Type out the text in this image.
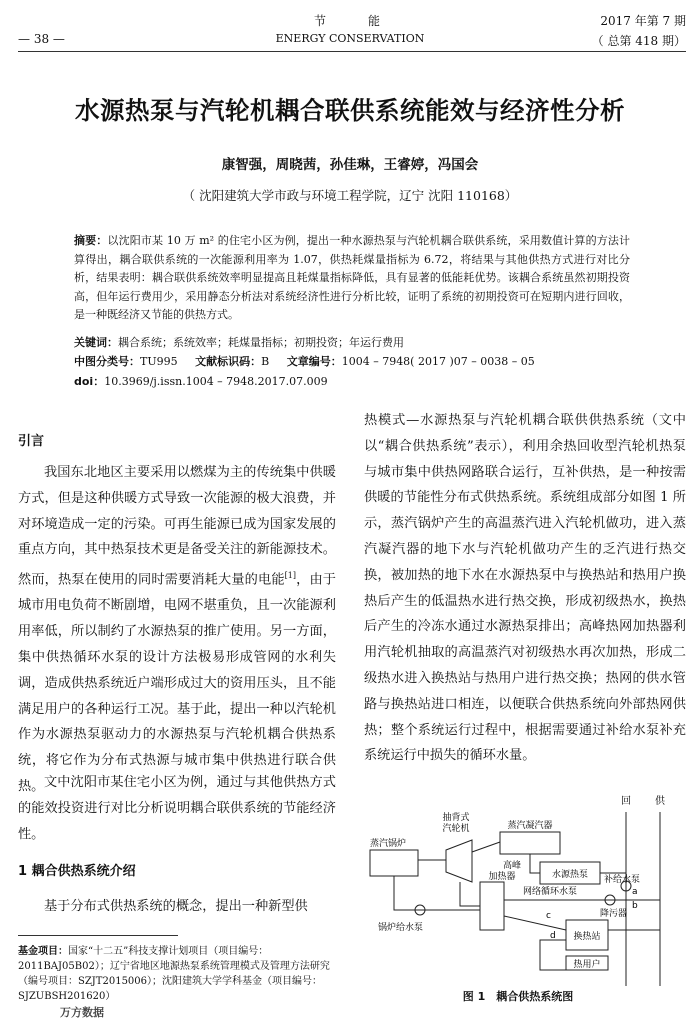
节　　能
ENERGY CONSERVATION
— 38 —
2017 年第 7 期
（ 总第 418 期）
水源热泵与汽轮机耦合联供系统能效与经济性分析
康智强，周晓茜，孙佳琳，王睿婷，冯国会
（ 沈阳建筑大学市政与环境工程学院，辽宁 沈阳 110168）
摘要：以沈阳市某 10 万 m² 的住宅小区为例，提出一种水源热泵与汽轮机耦合联供系统，采用数值计算的方法计算得出，耦合联供系统的一次能源利用率为 1.07，供热耗煤量指标为 6.72，将结果与其他供热方式进行对比分析，结果表明：耦合联供系统效率明显提高且耗煤量指标降低，具有显著的低能耗优势。该耦合系统虽然初期投资高，但年运行费用少，采用静态分析法对系统经济性进行分析比较，证明了系统的初期投资可在短期内进行回收，是一种既经济又节能的供热方式。
关键词：耦合系统；系统效率；耗煤量指标；初期投资；年运行费用
中图分类号：TU995 文献标识码：B 文章编号：1004 – 7948( 2017 )07 – 0038 – 05
doi：10.3969/j.issn.1004 – 7948.2017.07.009
引言
我国东北地区主要采用以燃煤为主的传统集中供暖方式，但是这种供暖方式导致一次能源的极大浪费，并对环境造成一定的污染。可再生能源已成为国家发展的重点方向，其中热泵技术更是备受关注的新能源技术。然而，热泵在使用的同时需要消耗大量的电能[1]，由于城市用电负荷不断剧增，电网不堪重负，且一次能源利用率低，所以制约了水源热泵的推广使用。另一方面，集中供热循环水泵的设计方法极易形成管网的水利失调，造成供热系统近户端形成过大的资用压头，且不能满足用户的各种运行工况。基于此，提出一种以汽轮机作为水源热泵驱动力的水源热泵与汽轮机耦合供热系统，将它作为分布式热源与城市集中供热进行联合供热。 文中沈阳市某住宅小区为例，通过与其他供热方式的能效投资进行对比分析说明耦合联供系统的节能经济性。
1 耦合供热系统介绍
基于分布式供热系统的概念，提出一种新型供
基金项目：国家“十二五”科技支撑计划项目（项目编号：2011BAJ05B02）；辽宁省地区地源热泵系统管理模式及管理方法研究（编号项目：SZJT2015006）；沈阳建筑大学学科基金（项目编号：SJZUBSH201620）
万方数据
热模式—水源热泵与汽轮机耦合联供供热系统（文中以“耦合供热系统”表示），利用余热回收型汽轮机热泵与城市集中供热网路联合运行，互补供热，是一种按需供暖的节能性分布式供热系统。系统组成部分如图 1 所示，蒸汽锅炉产生的高温蒸汽进入汽轮机做功，进入蒸汽凝汽器的地下水与汽轮机做功产生的乏汽进行热交换，被加热的地下水在水源热泵中与换热站和热用户换热后产生的低温热水进行热交换，形成初级热水，换热后产生的冷冻水通过水源热泵排出；高峰热网加热器利用汽轮机抽取的高温蒸汽对初级热水再次加热，形成二级热水进入换热站与热用户进行热交换；热网的供水管路与换热站进口相连，以便联合供热系统向外部热网供热；整个系统运行过程中，根据需要通过补给水泵补充系统运行中损失的循环水量。
回 供
抽背式
汽轮机	蒸汽凝汽器
蒸汽锅炉
高峰
加热器	水源热泵 补给水泵
网络循环水泵
降污器
换热站
热用户
锅炉给水泵
a
b
c
d
图 1　耦合供热系统图
